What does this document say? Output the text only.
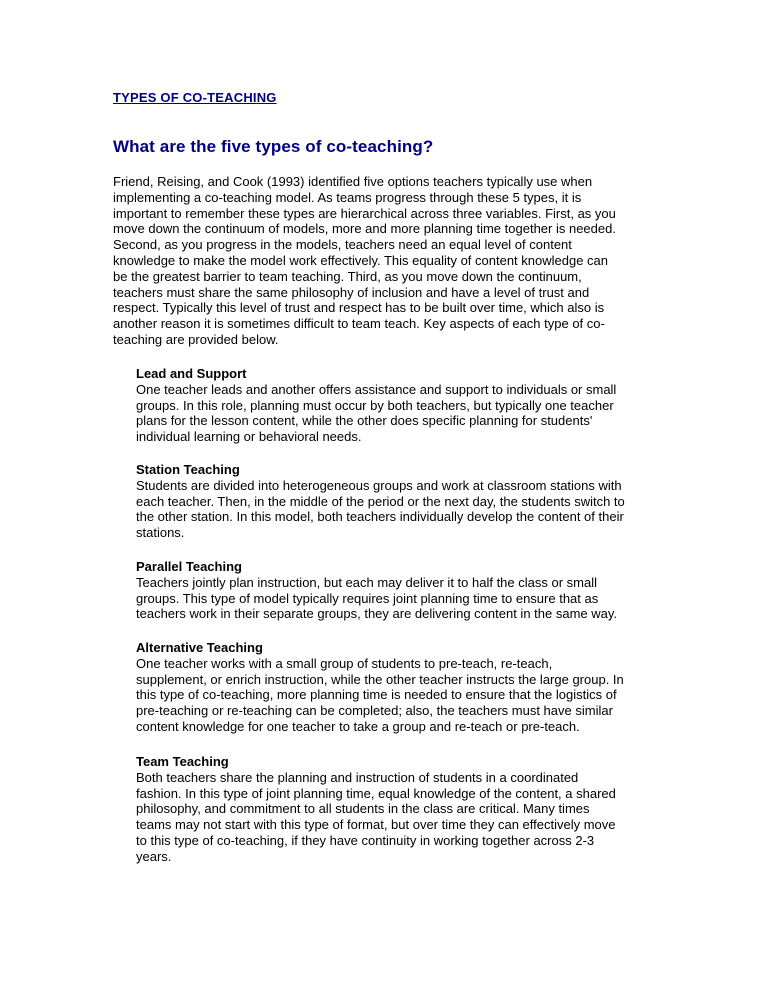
TYPES OF CO-TEACHING
What are the five types of co-teaching?

Friend, Reising, and Cook (1993) identified five options teachers typically use when
implementing a co-teaching model. As teams progress through these 5 types, it is
important to remember these types are hierarchical across three variables. First, as you
move down the continuum of models, more and more planning time together is needed.
Second, as you progress in the models, teachers need an equal level of content
knowledge to make the model work effectively. This equality of content knowledge can
be the greatest barrier to team teaching. Third, as you move down the continuum,
teachers must share the same philosophy of inclusion and have a level of trust and
respect. Typically this level of trust and respect has to be built over time, which also is
another reason it is sometimes difficult to team teach. Key aspects of each type of co-
teaching are provided below.

Lead and Support

One teacher leads and another offers assistance and support to individuals or small
groups. In this role, planning must occur by both teachers, but typically one teacher
plans for the lesson content, while the other does specific planning for students'
individual learning or behavioral needs.

Station Teaching

Students are divided into heterogeneous groups and work at classroom stations with
each teacher. Then, in the middle of the period or the next day, the students switch to
the other station. In this model, both teachers individually develop the content of their
stations.

Parallel Teaching

Teachers jointly plan instruction, but each may deliver it to half the class or small
groups. This type of model typically requires joint planning time to ensure that as
teachers work in their separate groups, they are delivering content in the same way.

Alternative Teaching

One teacher works with a small group of students to pre-teach, re-teach,
supplement, or enrich instruction, while the other teacher instructs the large group. In
this type of co-teaching, more planning time is needed to ensure that the logistics of
pre-teaching or re-teaching can be completed; also, the teachers must have similar
content knowledge for one teacher to take a group and re-teach or pre-teach.

Team Teaching

Both teachers share the planning and instruction of students in a coordinated
fashion. In this type of joint planning time, equal knowledge of the content, a shared
philosophy, and commitment to all students in the class are critical. Many times
teams may not start with this type of format, but over time they can effectively move
to this type of co-teaching, if they have continuity in working together across 2-3
years.
